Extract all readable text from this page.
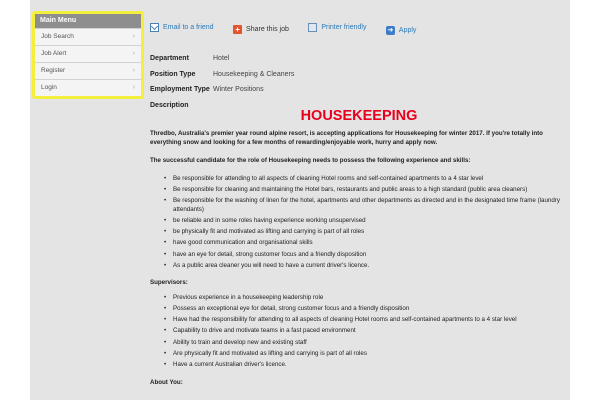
Main Menu
Job Search	›
Job Alert	›
Register	›
Login	›
Email to a friend
	+ Share this job
	Printer friendly
	➜ Apply
Department	Hotel
Position Type	Housekeeping & Cleaners
Employment Type Winter Positions
Description
HOUSEKEEPING
Thredbo, Australia's premier year round alpine resort, is accepting applications for Housekeeping for winter 2017. If you're totally into everything snow and looking for a few months of rewarding/enjoyable work, hurry and apply now.
The successful candidate for the role of Housekeeping needs to possess the following experience and skills:
• Be responsible for attending to all aspects of cleaning Hotel rooms and self-contained apartments to a 4 star level
• Be responsible for cleaning and maintaining the Hotel bars, restaurants and public areas to a high standard (public area cleaners)
• Be responsible for the washing of linen for the hotel, apartments and other departments as directed and in the designated time frame (laundry attendants)
• be reliable and in some roles having experience working unsupervised
• be physically fit and motivated as lifting and carrying is part of all roles
• have good communication and organisational skills
• have an eye for detail, strong customer focus and a friendly disposition
• As a public area cleaner you will need to have a current driver's licence.
Supervisors:
• Previous experience in a housekeeping leadership role
• Possess an exceptional eye for detail, strong customer focus and a friendly disposition
• Have had the responsibility for attending to all aspects of cleaning Hotel rooms and self-contained apartments to a 4 star level
• Capability to drive and motivate teams in a fast paced environment
• Ability to train and develop new and existing staff
• Are physically fit and motivated as lifting and carrying is part of all roles
• Have a current Australian driver's licence.
About You:
